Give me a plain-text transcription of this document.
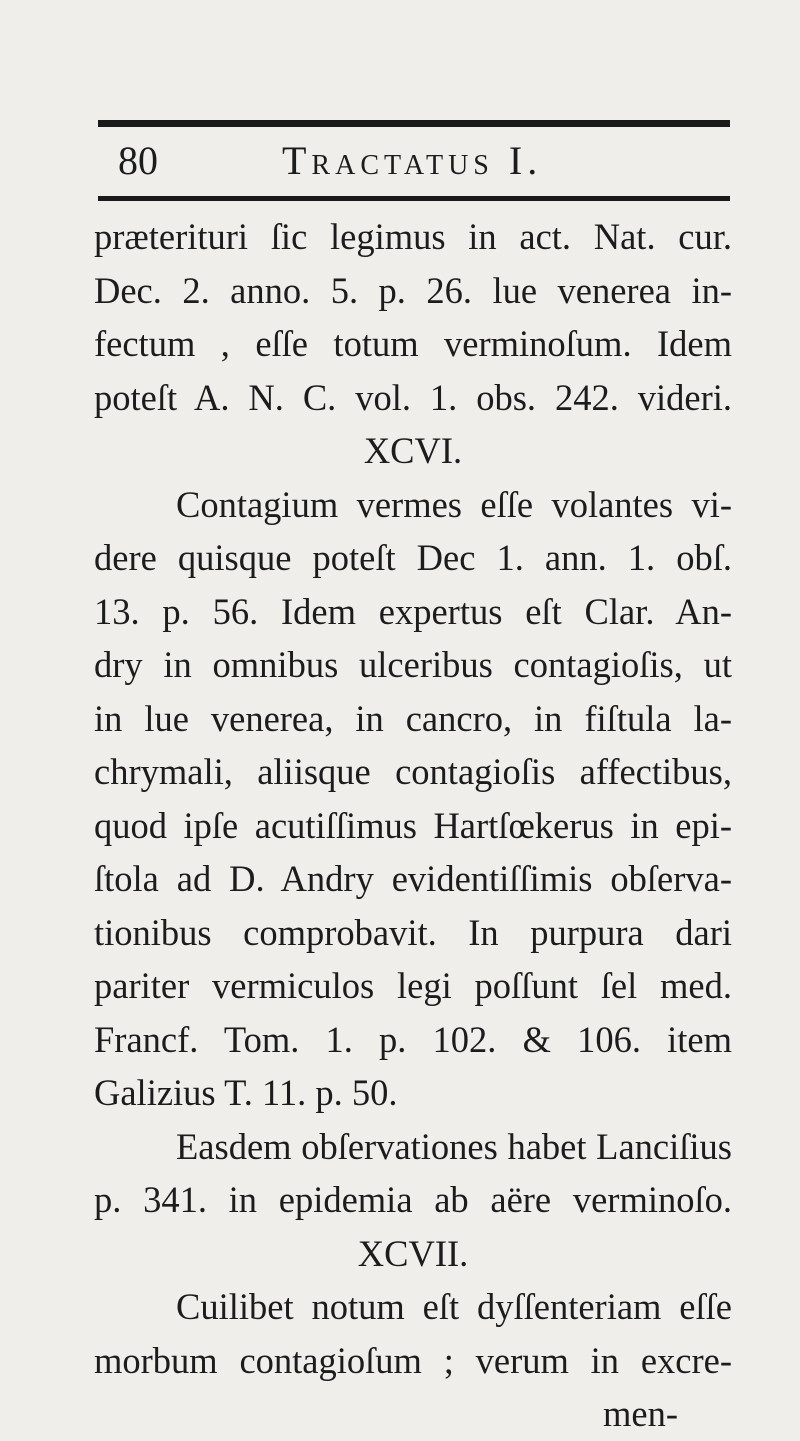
80	Tractatus I.
præterituri ſic legimus in act. Nat. cur.
Dec. 2. anno. 5. p. 26. lue venerea in-
fectum , eſſe totum verminoſum. Idem
poteſt A. N. C. vol. 1. obs. 242. videri.
XCVI.
Contagium vermes eſſe volantes vi-
dere quisque poteſt Dec 1. ann. 1. obſ.
13. p. 56. Idem expertus eſt Clar. An-
dry in omnibus ulceribus contagioſis, ut
in lue venerea, in cancro, in fiſtula la-
chrymali, aliisque contagioſis affectibus,
quod ipſe acutiſſimus Hartſœkerus in epi-
ſtola ad D. Andry evidentiſſimis obſerva-
tionibus comprobavit. In purpura dari
pariter vermiculos legi poſſunt ſel med.
Francf. Tom. 1. p. 102. & 106. item
Galizius T. 11. p. 50.
Easdem obſervationes habet Lanciſius
p. 341. in epidemia ab aëre verminoſo.
XCVII.
Cuilibet notum eſt dyſſenteriam eſſe
morbum contagioſum ; verum in excre-
men-
